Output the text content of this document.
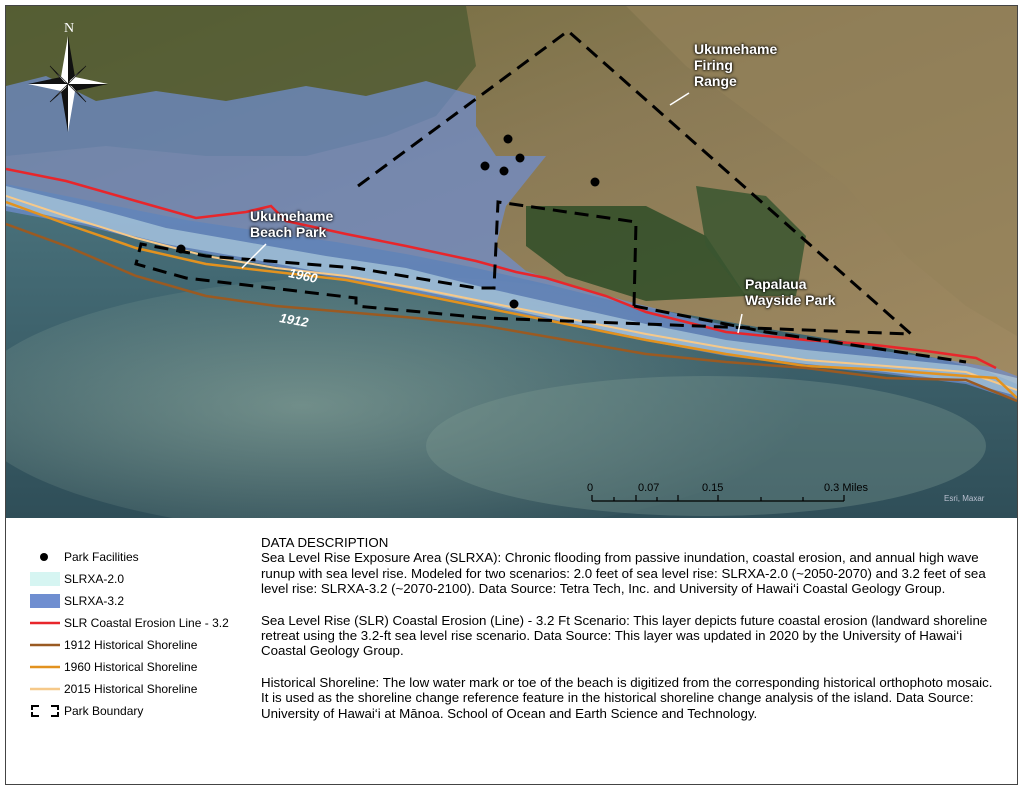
N
1960
1912
0	0.07	0.15	0.3 Miles
Esri, Maxar
Ukumehame
Firing
Range
Ukumehame
Beach Park
Papalaua
Wayside Park
Park Facilities
SLRXA-2.0
SLRXA-3.2
SLR Coastal Erosion Line - 3.2
1912 Historical Shoreline
1960 Historical Shoreline
2015 Historical Shoreline
Park Boundary

DATA DESCRIPTION

Sea Level Rise Exposure Area (SLRXA): Chronic flooding from passive inundation, coastal erosion, and annual high wave runup with sea level rise. Modeled for two scenarios: 2.0 feet of sea level rise: SLRXA-2.0 (~2050-2070) and 3.2 feet of sea level rise: SLRXA-3.2 (~2070-2100). Data Source: Tetra Tech, Inc. and University of Hawai‘i Coastal Geology Group.

Sea Level Rise (SLR) Coastal Erosion (Line) - 3.2 Ft Scenario: This layer depicts future coastal erosion (landward shoreline retreat using the 3.2-ft sea level rise scenario. Data Source: This layer was updated in 2020 by the University of Hawai‘i Coastal Geology Group.

Historical Shoreline: The low water mark or toe of the beach is digitized from the corresponding historical orthophoto mosaic. It is used as the shoreline change reference feature in the historical shoreline change analysis of the island. Data Source: University of Hawai‘i at Mānoa. School of Ocean and Earth Science and Technology.
